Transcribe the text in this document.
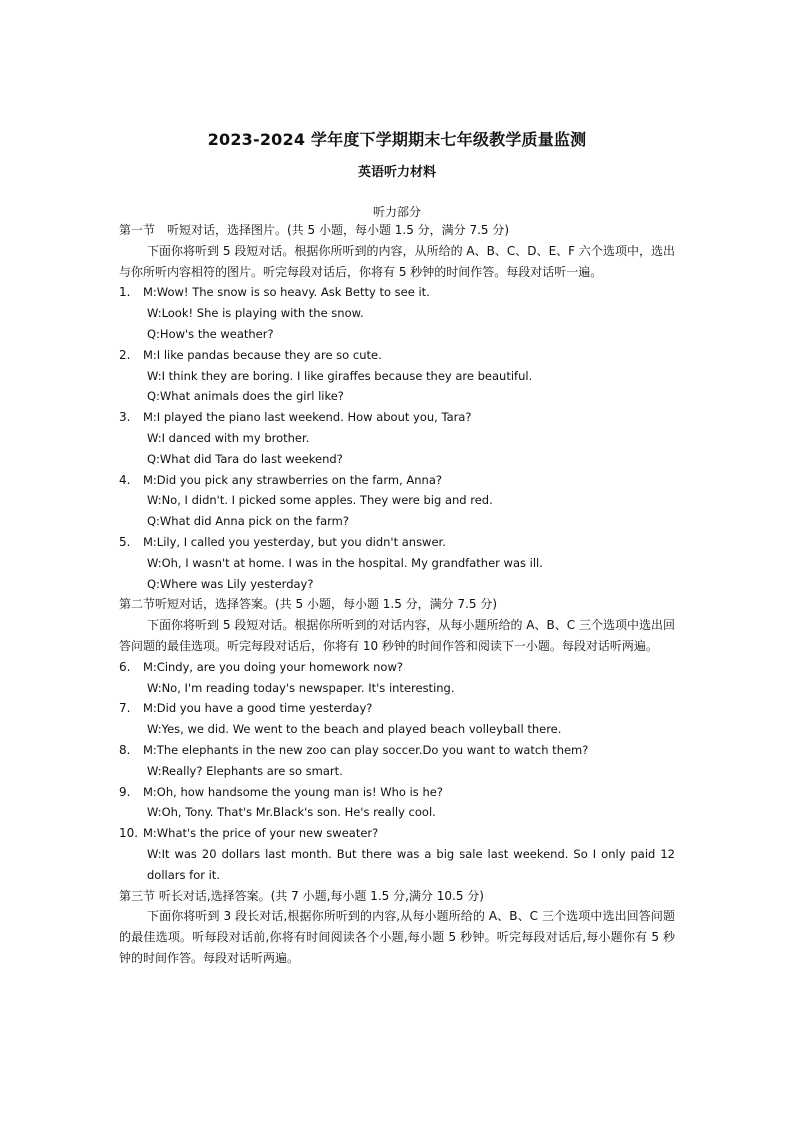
2023-2024 学年度下学期期末七年级教学质量监测
英语听力材料
听力部分
第一节　听短对话，选择图片。(共 5 小题，每小题 1.5 分，满分 7.5 分)
下面你将听到 5 段短对话。根据你所听到的内容，从所给的 A、B、C、D、E、F 六个选项中，选出与你所听内容相符的图片。听完每段对话后，你将有 5 秒钟的时间作答。每段对话听一遍。
1.	M:Wow! The snow is so heavy. Ask Betty to see it.
W:Look! She is playing with the snow.
Q:How's the weather?
2.	M:I like pandas because they are so cute.
W:I think they are boring. I like giraffes because they are beautiful.
Q:What animals does the girl like?
3.	M:I played the piano last weekend. How about you, Tara?
W:I danced with my brother.
Q:What did Tara do last weekend?
4.	M:Did you pick any strawberries on the farm, Anna?
W:No, I didn't. I picked some apples. They were big and red.
Q:What did Anna pick on the farm?
5.	M:Lily, I called you yesterday, but you didn't answer.
W:Oh, I wasn't at home. I was in the hospital. My grandfather was ill.
Q:Where was Lily yesterday?
第二节听短对话，选择答案。(共 5 小题，每小题 1.5 分，满分 7.5 分)
下面你将听到 5 段短对话。根据你所听到的对话内容，从每小题所给的 A、B、C 三个选项中选出回答问题的最佳选项。听完每段对话后，你将有 10 秒钟的时间作答和阅读下一小题。每段对话听两遍。
6.	M:Cindy, are you doing your homework now?
W:No, I'm reading today's newspaper. It's interesting.
7.	M:Did you have a good time yesterday?
W:Yes, we did. We went to the beach and played beach volleyball there.
8.	M:The elephants in the new zoo can play soccer.Do you want to watch them?
W:Really? Elephants are so smart.
9.	M:Oh, how handsome the young man is! Who is he?
W:Oh, Tony. That's Mr.Black's son. He's really cool.
10. M:What's the price of your new sweater?
W:It was 20 dollars last month. But there was a big sale last weekend. So I only paid 12 dollars for it.
第三节 听长对话,选择答案。(共 7 小题,每小题 1.5 分,满分 10.5 分)
下面你将听到 3 段长对话,根据你所听到的内容,从每小题所给的 A、B、C 三个选项中选出回答问题的最佳选项。听每段对话前,你将有时间阅读各个小题,每小题 5 秒钟。听完每段对话后,每小题你有 5 秒钟的时间作答。每段对话听两遍。
